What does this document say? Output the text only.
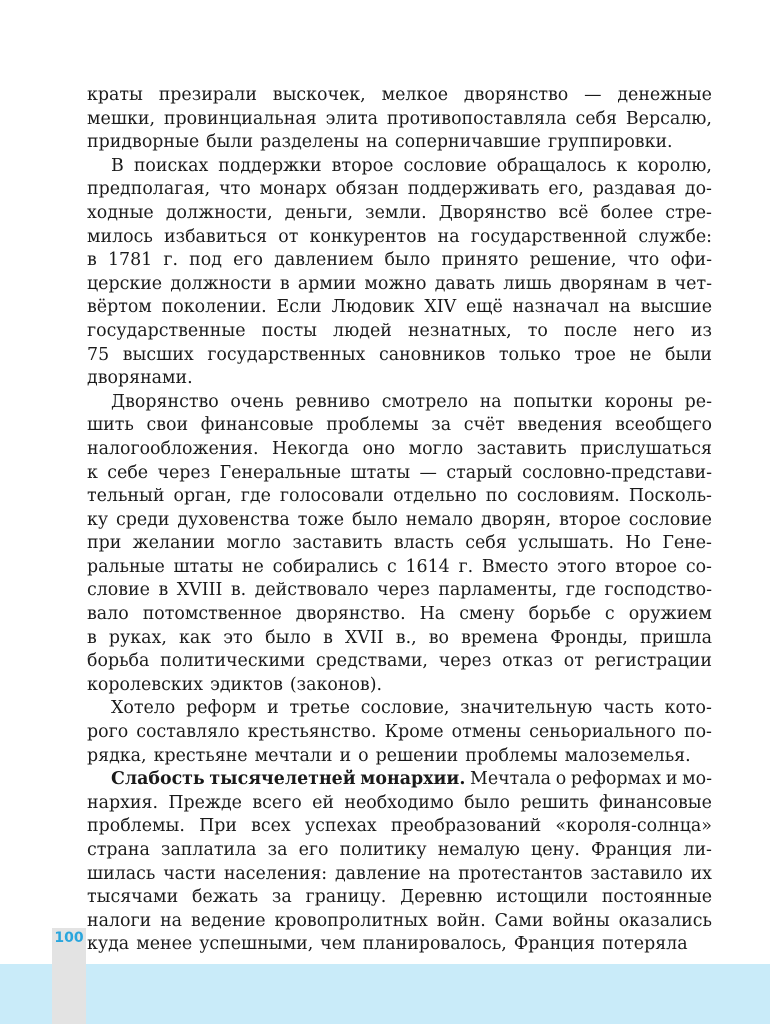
краты презирали выскочек, мелкое дворянство — денежные
мешки, провинциальная элита противопоставляла себя Версалю,
придворные были разделены на соперничавшие группировки.
В поисках поддержки второе сословие обращалось к королю,
предполагая, что монарх обязан поддерживать его, раздавая до-
ходные должности, деньги, земли. Дворянство всё более стре-
милось избавиться от конкурентов на государственной службе:
в 1781 г. под его давлением было принято решение, что офи-
церские должности в армии можно давать лишь дворянам в чет-
вёртом поколении. Если Людовик XIV ещё назначал на высшие
государственные посты людей незнатных, то после него из
75 высших государственных сановников только трое не были
дворянами.
Дворянство очень ревниво смотрело на попытки короны ре-
шить свои финансовые проблемы за счёт введения всеобщего
налогообложения. Некогда оно могло заставить прислушаться
к себе через Генеральные штаты — старый сословно-представи-
тельный орган, где голосовали отдельно по сословиям. Посколь-
ку среди духовенства тоже было немало дворян, второе сословие
при желании могло заставить власть себя услышать. Но Гене-
ральные штаты не собирались с 1614 г. Вместо этого второе со-
словие в XVIII в. действовало через парламенты, где господство-
вало потомственное дворянство. На смену борьбе с оружием
в руках, как это было в XVII в., во времена Фронды, пришла
борьба политическими средствами, через отказ от регистрации
королевских эдиктов (законов).
Хотело реформ и третье сословие, значительную часть кото-
рого составляло крестьянство. Кроме отмены сеньориального по-
рядка, крестьяне мечтали и о решении проблемы малоземелья.
Слабость тысячелетней монархии. Мечтала о реформах и мо-
нархия. Прежде всего ей необходимо было решить финансовые
проблемы. При всех успехах преобразований «короля-солнца»
страна заплатила за его политику немалую цену. Франция ли-
шилась части населения: давление на протестантов заставило их
тысячами бежать за границу. Деревню истощили постоянные
налоги на ведение кровопролитных войн. Сами войны оказались
куда менее успешными, чем планировалось, Франция потеряла
100
